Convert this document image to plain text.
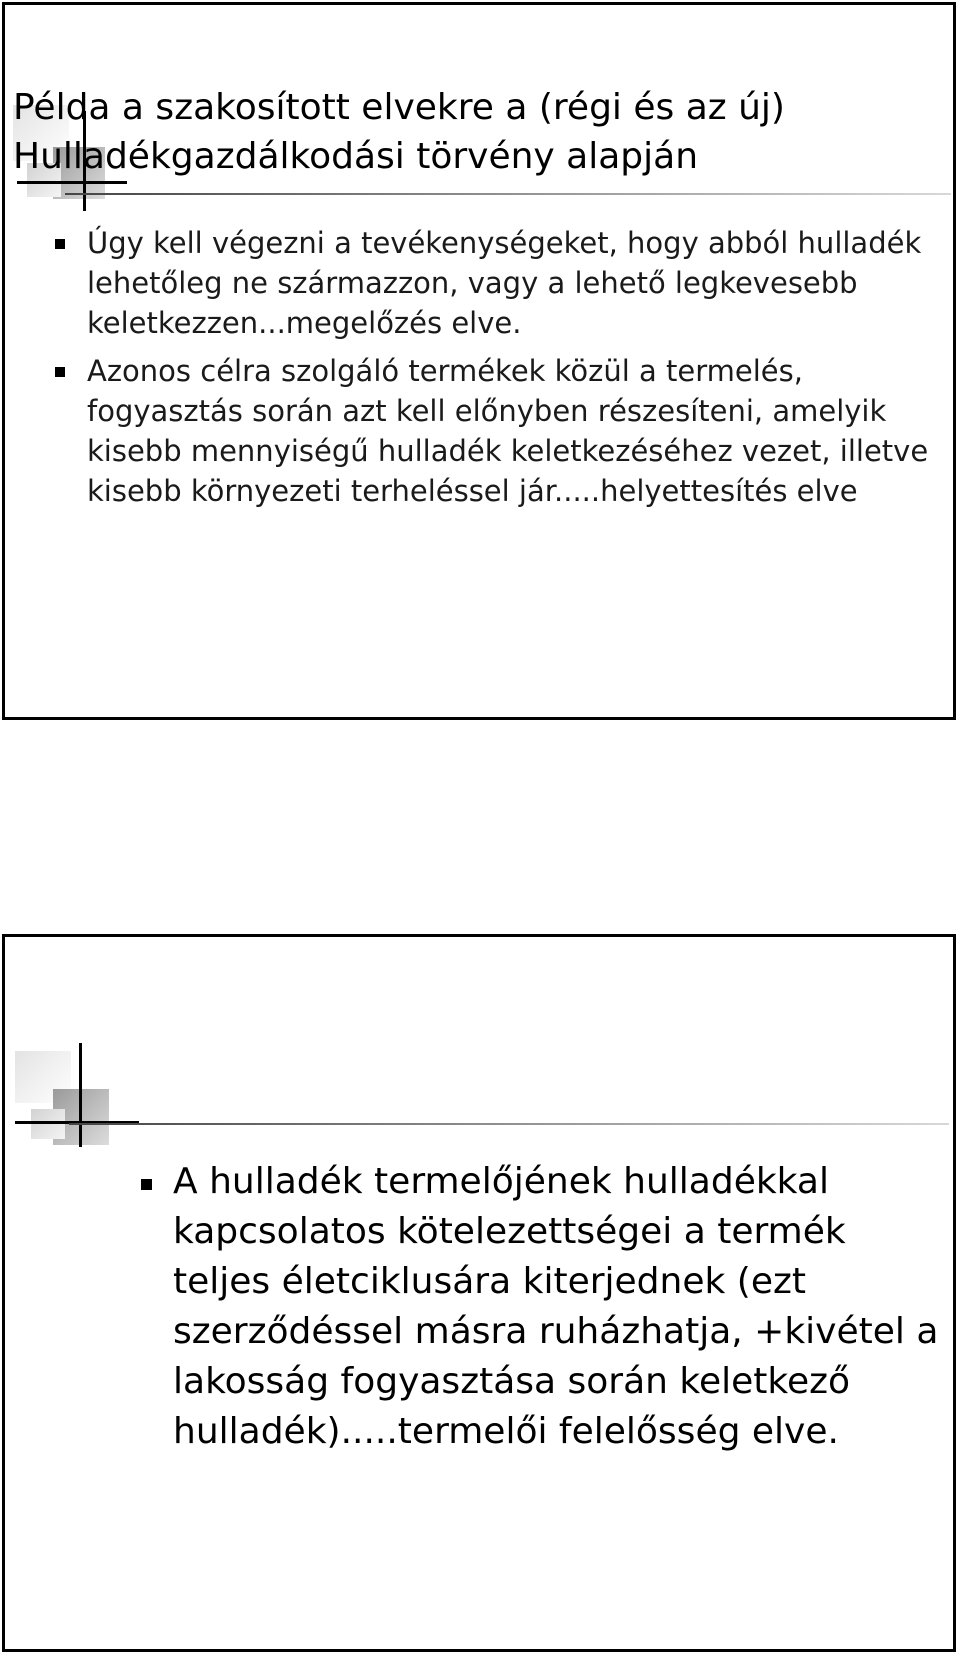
Példa a szakosított elvekre a (régi és az új) Hulladékgazdálkodási törvény alapján
Úgy kell végezni a tevékenységeket, hogy abból hulladék lehetőleg ne származzon, vagy a lehető legkevesebb keletkezzen...megelőzés elve.
Azonos célra szolgáló termékek közül a termelés, fogyasztás során azt kell előnyben részesíteni, amelyik kisebb mennyiségű hulladék keletkezéséhez vezet, illetve kisebb környezeti terheléssel jár.....helyettesítés elve
A hulladék termelőjének hulladékkal kapcsolatos kötelezettségei a termék teljes életciklusára kiterjednek (ezt szerződéssel másra ruházhatja, +kivétel a lakosság fogyasztása során keletkező hulladék).....termelői felelősség elve.
